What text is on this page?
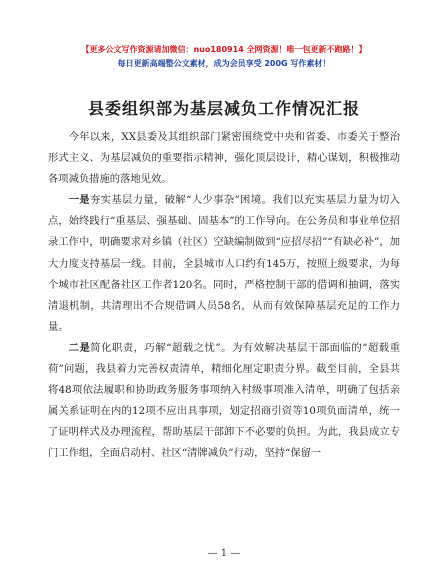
【更多公文写作资源请加微信：nuo180914 全网资源！唯一包更新不跑路！】
每日更新高端整公文素材，成为会员享受 200G 写作素材！
县委组织部为基层减负工作情况汇报

今年以来，XX县委及其组织部门紧密围绕党中央和省委、市委关于整治形式主义、为基层减负的重要指示精神，强化顶层设计，精心谋划，积极推动各项减负措施的落地见效。

一是夯实基层力量，破解“人少事杂”困境。我们以充实基层力量为切入点，始终践行“重基层、强基础、固基本”的工作导向。在公务员和事业单位招录工作中，明确要求对乡镇（社区）空缺编制做到“应招尽招”“有缺必补”，加大力度支持基层一线。目前，全县城市人口约有145万，按照上级要求，为每个城市社区配备社区工作者120名。同时，严格控制干部的借调和抽调，落实清退机制，共清理出不合规借调人员58名，从而有效保障基层充足的工作力量。

二是简化职责，巧解“超载之忧”。为有效解决基层干部面临的“超载重荷”问题，我县着力完善权责清单，精细化厘定职责分界。截至目前，全县共将48项依法履职和协助政务服务事项纳入村级事项准入清单，明确了包括亲属关系证明在内的12项不应出具事项，划定招商引资等10项负面清单，统一了证明样式及办理流程，帮助基层干部卸下不必要的负担。为此，我县成立专门工作组，全面启动村、社区“清牌减负”行动，坚持“保留一

— 1 —
